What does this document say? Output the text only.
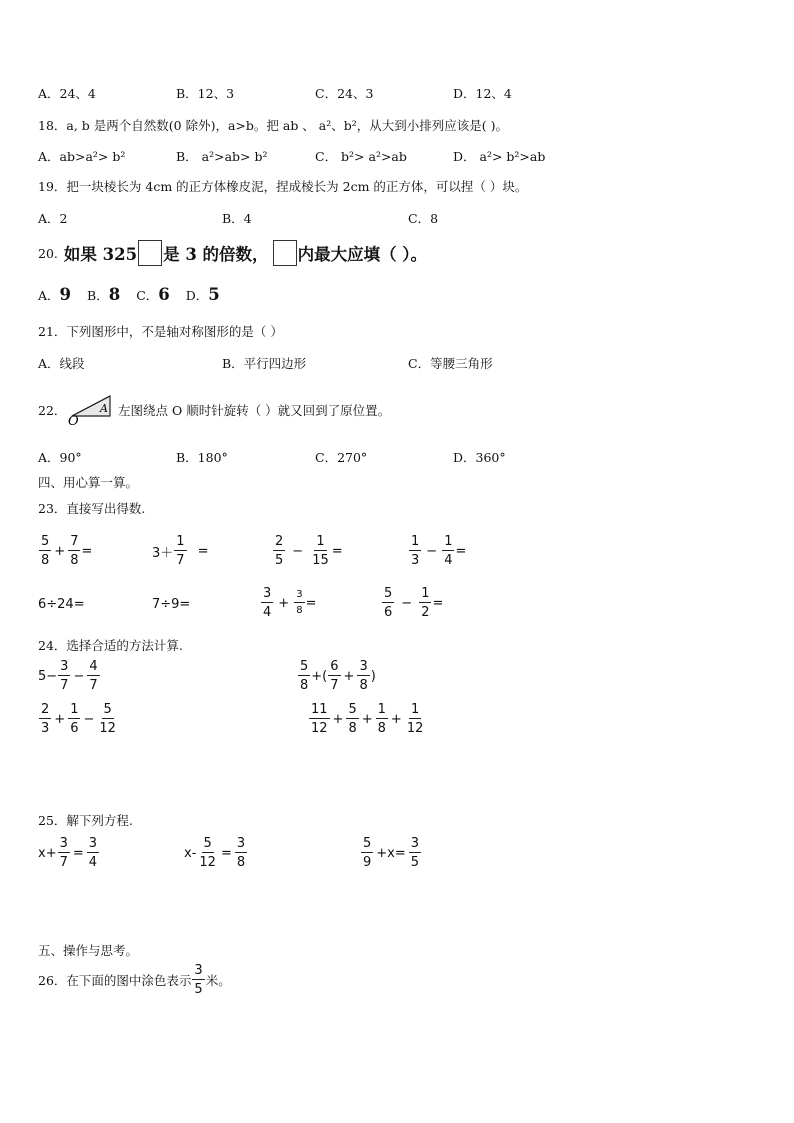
A．24、4	B．12、3	C．24、3	D．12、4
18．a, b 是两个自然数(0 除外)，a>b。把 ab 、 a²、b²，从大到小排列应该是( )。
A．ab>a²> b²	B． a²>ab> b²	C． b²> a²>ab	D． a²> b²>ab
19．把一块棱长为 4cm 的正方体橡皮泥，捏成棱长为 2cm 的正方体，可以捏（ ）块。
A．2	B．4	C．8
20. 如果 325 是 3 的倍数， 内最大应填（ ）。
A． 9 B． 8 C． 6 D． 5
21．下列图形中，不是轴对称图形的是（ ）
A．线段	B．平行四边形	C．等腰三角形
22．
O
A 左图绕点 O 顺时针旋转（ ）就又回到了原位置。
A．90°	B．180°	C．270°	D．360°
四、用心算一算。
23．直接写出得数.
$\frac{5}{8} + \frac{7}{8}$ =	$3+ \frac{1}{7}$ =	$\frac{2}{5} - \frac{1}{15}$ =	$\frac{1}{3} - \frac{1}{4}$ =
6÷24=	7÷9=	$\frac{3}{4} + \frac{3}{8}$ =	$\frac{5}{6} - \frac{1}{2}$ =
24．选择合适的方法计算.
$5- \frac{3}{7} - \frac{4}{7}$	$\frac{5}{8}$ +( $\frac{6}{7} + \frac{3}{8}$ )
$\frac{2}{3} + \frac{1}{6} - \frac{5}{12}$	$\frac{11}{12} + \frac{5}{8} + \frac{1}{8} + \frac{1}{12}$
25．解下列方程.
$x+ \frac{3}{7} = \frac{3}{4}$	$x- \frac{5}{12} = \frac{3}{8}$	$\frac{5}{9} +x= \frac{3}{5}$
五、操作与思考。
26．在下面的图中涂色表示 $\frac{3}{5}$ 米。
